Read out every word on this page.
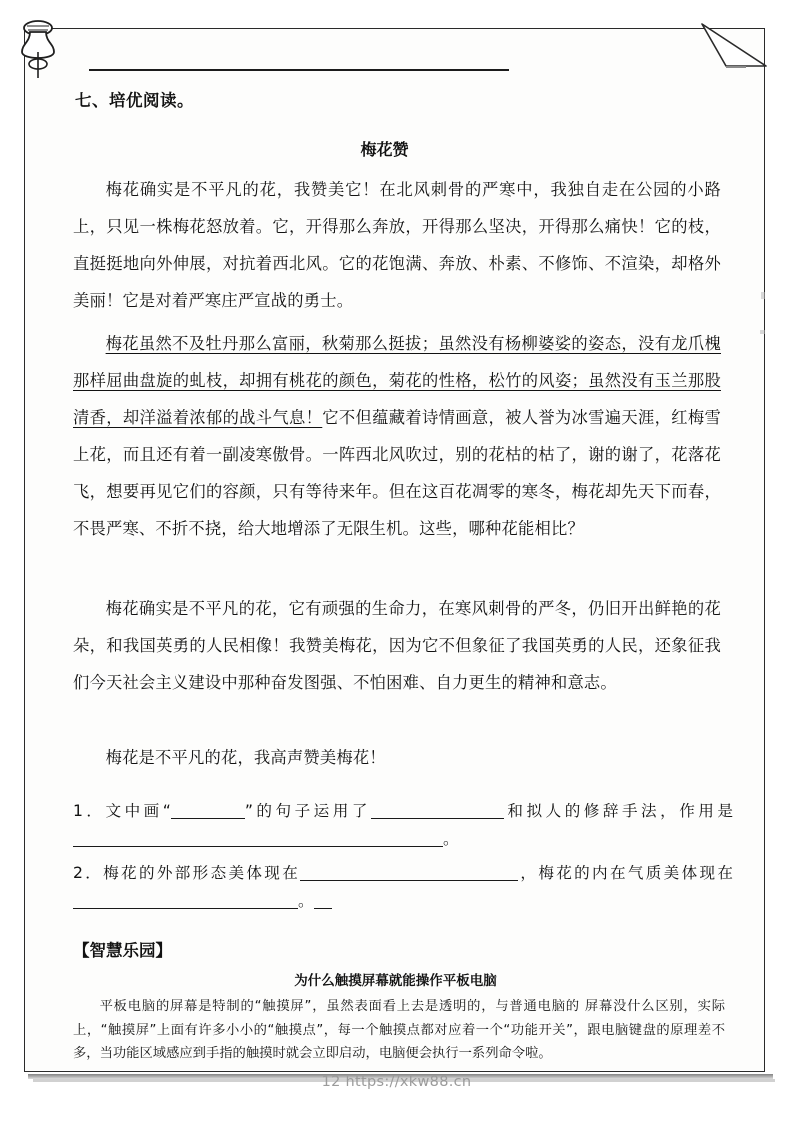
七、培优阅读。
梅花赞

梅花确实是不平凡的花，我赞美它！在北风刺骨的严寒中，我独自走在公园的小路上，只见一株梅花怒放着。它，开得那么奔放，开得那么坚决，开得那么痛快！它的枝，直挺挺地向外伸展，对抗着西北风。它的花饱满、奔放、朴素、不修饰、不渲染，却格外美丽！它是对着严寒庄严宣战的勇士。

梅花虽然不及牡丹那么富丽，秋菊那么挺拔；虽然没有杨柳婆娑的姿态，没有龙爪槐那样屈曲盘旋的虬枝，却拥有桃花的颜色，菊花的性格，松竹的风姿；虽然没有玉兰那股清香，却洋溢着浓郁的战斗气息！它不但蕴藏着诗情画意，被人誉为冰雪遍天涯，红梅雪上花，而且还有着一副凌寒傲骨。一阵西北风吹过，别的花枯的枯了，谢的谢了，花落花飞，想要再见它们的容颜，只有等待来年。但在这百花凋零的寒冬，梅花却先天下而春，不畏严寒、不折不挠，给大地增添了无限生机。这些，哪种花能相比？

梅花确实是不平凡的花，它有顽强的生命力，在寒风刺骨的严冬，仍旧开出鲜艳的花朵，和我国英勇的人民相像！我赞美梅花，因为它不但象征了我国英勇的人民，还象征我们今天社会主义建设中那种奋发图强、不怕困难、自力更生的精神和意志。

梅花是不平凡的花，我高声赞美梅花！

1．文中画“	”的句子运用了	和拟人的修辞手法，作用是。

2．梅花的外部形态美体现在	，梅花的内在气质美体现在。

【智慧乐园】
为什么触摸屏幕就能操作平板电脑

平板电脑的屏幕是特制的“触摸屏”，虽然表面看上去是透明的，与普通电脑的 屏幕没什么区别，实际上，“触摸屏”上面有许多小小的“触摸点”，每一个触摸点都对应着一个“功能开关”，跟电脑键盘的原理差不多，当功能区域感应到手指的触摸时就会立即启动，电脑便会执行一系列命令啦。

12 https://xkw88.cn
